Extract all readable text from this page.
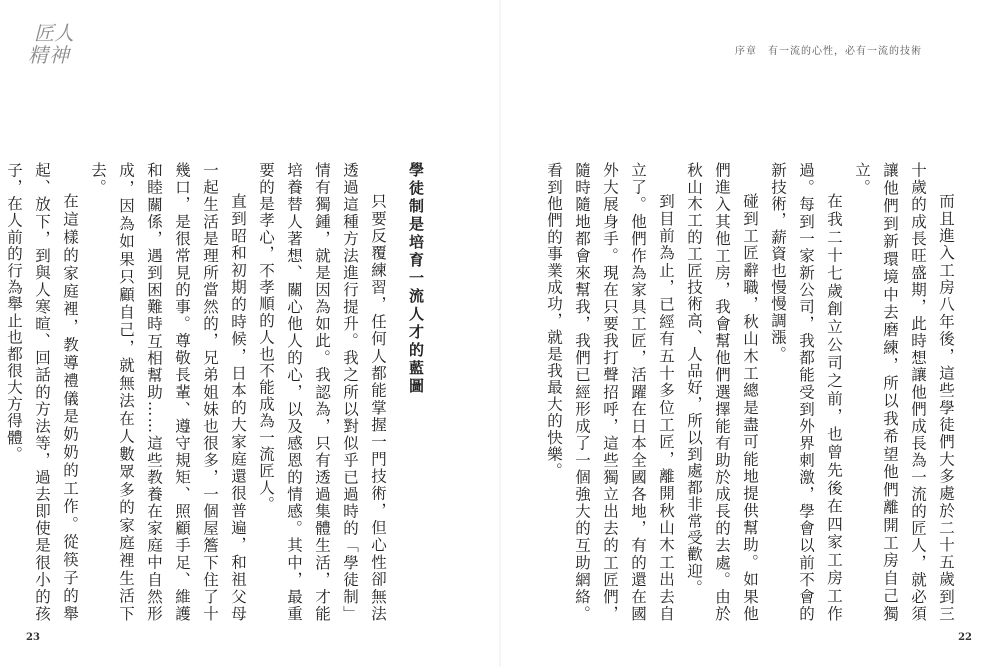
匠人
精神
學徒制是培育一流人才的藍圖

只要反覆練習，任何人都能掌握一門技術，但心性卻無法透過這種方法進行提升。我之所以對似乎已過時的「學徒制」情有獨鍾，就是因為如此。我認為，只有透過集體生活，才能培養替人著想、關心他人的心，以及感恩的情感。其中，最重要的是孝心，不孝順的人也不能成為一流匠人。

直到昭和初期的時候，日本的大家庭還很普遍，和祖父母一起生活是理所當然的，兄弟姐妹也很多，一個屋簷下住了十幾口，是很常見的事。尊敬長輩、遵守規矩、照顧手足、維護和睦關係，遇到困難時互相幫助……這些教養在家庭中自然形成，因為如果只顧自己，就無法在人數眾多的家庭裡生活下去。

在這樣的家庭裡，教導禮儀是奶奶的工作。從筷子的舉起、放下，到與人寒暄、回話的方法等，過去即使是很小的孩子，在人前的行為舉止也都很大方得體。

23	22
序章　有一流的心性，必有一流的技術

而且進入工房八年後，這些學徒們大多處於二十五歲到三十歲的成長旺盛期，此時想讓他們成長為一流的匠人，就必須讓他們到新環境中去磨練，所以我希望他們離開工房自己獨立。

在我二十七歲創立公司之前，也曾先後在四家工房工作過。每到一家新公司，我都能受到外界刺激，學會以前不會的新技術，薪資也慢慢調漲。

碰到工匠辭職，秋山木工總是盡可能地提供幫助。如果他們進入其他工房，我會幫他們選擇能有助於成長的去處。由於秋山木工的工匠技術高、人品好，所以到處都非常受歡迎。

到目前為止，已經有五十多位工匠，離開秋山木工出去自立了。他們作為家具工匠，活躍在日本全國各地，有的還在國外大展身手。現在只要我打聲招呼，這些獨立出去的工匠們，隨時隨地都會來幫我，我們已經形成了一個強大的互助網絡。看到他們的事業成功，就是我最大的快樂。
